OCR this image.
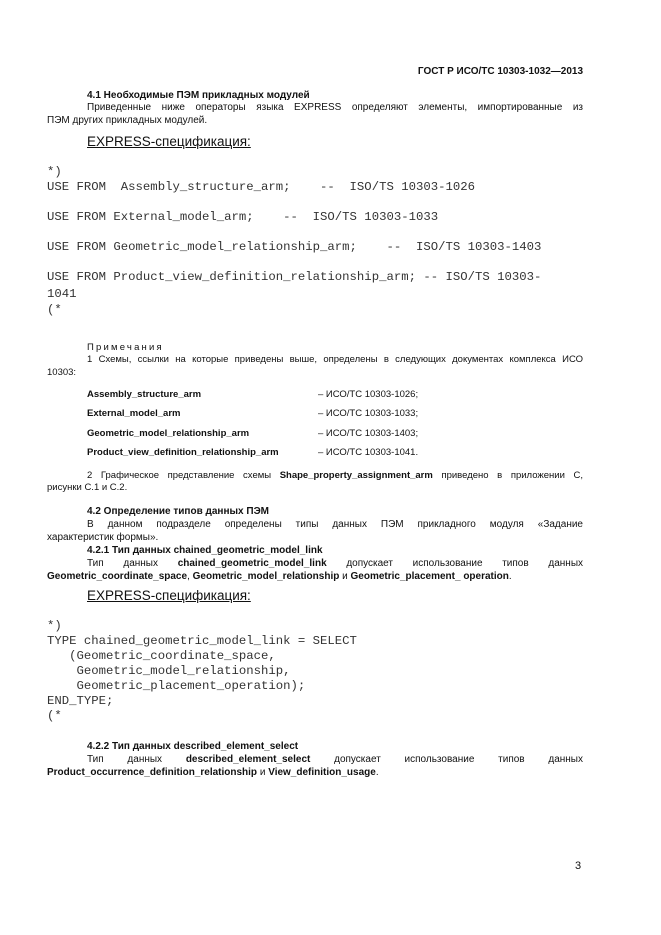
ГОСТ Р ИСО/ТС 10303-1032—2013
4.1 Необходимые ПЭМ прикладных модулей
Приведенные ниже операторы языка EXPRESS определяют элементы, импортированные из
ПЭМ других прикладных модулей.
EXPRESS-спецификация:
*)
USE FROM  Assembly_structure_arm;    --  ISO/TS 10303-1026
USE FROM External_model_arm;    --  ISO/TS 10303-1033
USE FROM Geometric_model_relationship_arm;    --  ISO/TS 10303-1403
USE FROM Product_view_definition_relationship_arm; -- ISO/TS 10303-
1041
(*
Примечания
1 Схемы, ссылки на которые приведены выше, определены в следующих документах комплекса ИСО
10303:
Assembly_structure_arm	– ИСО/ТС 10303-1026;
External_model_arm	– ИСО/ТС 10303-1033;
Geometric_model_relationship_arm	– ИСО/ТС 10303-1403;
Product_view_definition_relationship_arm	– ИСО/ТС 10303-1041.
2 Графическое представление схемы Shape_property_assignment_arm приведено в приложении С,
рисунки С.1 и С.2.
4.2 Определение типов данных ПЭМ
В данном подразделе определены типы данных ПЭМ прикладного модуля «Задание
характеристик формы».
4.2.1 Тип данных chained_geometric_model_link
Тип данных chained_geometric_model_link допускает использование типов данных
Geometric_coordinate_space, Geometric_model_relationship и Geometric_placement_ operation.
EXPRESS-спецификация:
*)
TYPE chained_geometric_model_link = SELECT
(Geometric_coordinate_space,
Geometric_model_relationship,
Geometric_placement_operation);
END_TYPE;
(*
4.2.2 Тип данных described_element_select
Тип данных described_element_select допускает использование типов данных
Product_occurrence_definition_relationship и View_definition_usage.
3
